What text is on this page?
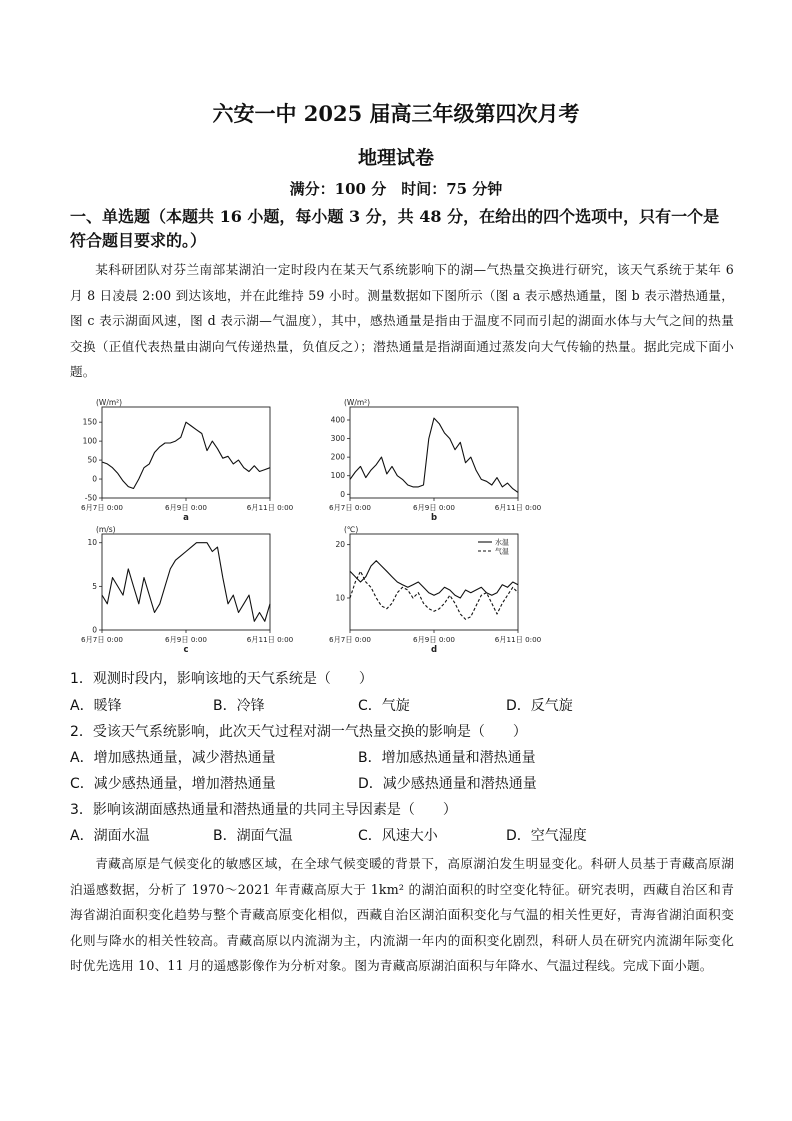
六安一中 2025 届高三年级第四次月考
地理试卷
满分：100 分　时间：75 分钟
一、单选题（本题共 16 小题，每小题 3 分，共 48 分，在给出的四个选项中，只有一个是符合题目要求的。）
某科研团队对芬兰南部某湖泊一定时段内在某天气系统影响下的湖—气热量交换进行研究，该天气系统于某年 6 月 8 日凌晨 2:00 到达该地，并在此维持 59 小时。测量数据如下图所示（图 a 表示感热通量，图 b 表示潜热通量，图 c 表示湖面风速，图 d 表示湖—气温度），其中，感热通量是指由于温度不同而引起的湖面水体与大气之间的热量交换（正值代表热量由湖向气传递热量，负值反之）；潜热通量是指湖面通过蒸发向大气传输的热量。据此完成下面小题。
(W/m²)
-50
0
50
100
150
6月7日 0:00	6月9日 0:00	6月11日 0:00
a
(W/m²)
0
100
200
300
400
6月7日 0:00	6月9日 0:00	6月11日 0:00
b
(m/s)
0
5
10
6月7日 0:00	6月9日 0:00	6月11日 0:00
c
(℃)
10
20
6月7日 0:00	6月9日 0:00	6月11日 0:00
d
水温
气温
1．观测时段内，影响该地的天气系统是（　　）
A．暖锋	B．冷锋	C．气旋	D．反气旋
2．受该天气系统影响，此次天气过程对湖一气热量交换的影响是（　　）
A．增加感热通量，减少潜热通量	B．增加感热通量和潜热通量
C．减少感热通量，增加潜热通量	D．减少感热通量和潜热通量
3．影响该湖面感热通量和潜热通量的共同主导因素是（　　）
A．湖面水温	B．湖面气温	C．风速大小	D．空气湿度
青藏高原是气候变化的敏感区域，在全球气候变暖的背景下，高原湖泊发生明显变化。科研人员基于青藏高原湖泊遥感数据，分析了 1970～2021 年青藏高原大于 1km² 的湖泊面积的时空变化特征。研究表明，西藏自治区和青海省湖泊面积变化趋势与整个青藏高原变化相似，西藏自治区湖泊面积变化与气温的相关性更好，青海省湖泊面积变化则与降水的相关性较高。青藏高原以内流湖为主，内流湖一年内的面积变化剧烈，科研人员在研究内流湖年际变化时优先选用 10、11 月的遥感影像作为分析对象。图为青藏高原湖泊面积与年降水、气温过程线。完成下面小题。
